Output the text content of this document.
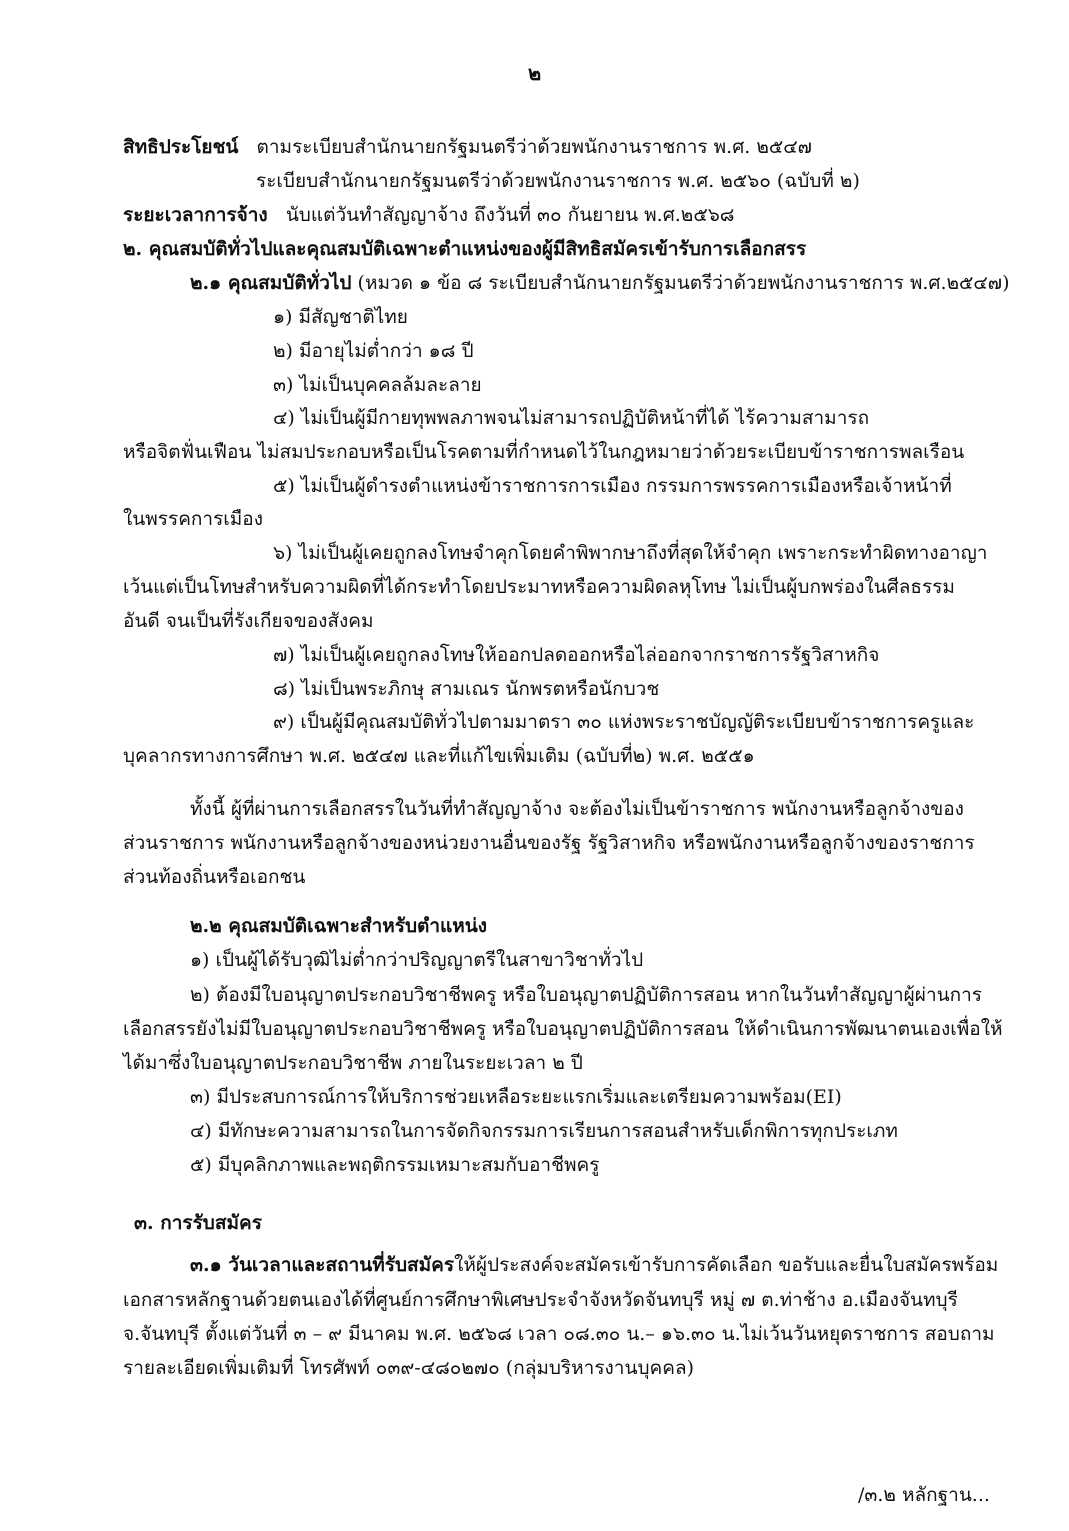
๒
สิทธิประโยชน์ ตามระเบียบสำนักนายกรัฐมนตรีว่าด้วยพนักงานราชการ พ.ศ. ๒๕๔๗
ระเบียบสำนักนายกรัฐมนตรีว่าด้วยพนักงานราชการ พ.ศ. ๒๕๖๐ (ฉบับที่ ๒)
ระยะเวลาการจ้าง นับแต่วันทำสัญญาจ้าง ถึงวันที่ ๓๐ กันยายน พ.ศ.๒๕๖๘
๒. คุณสมบัติทั่วไปและคุณสมบัติเฉพาะตำแหน่งของผู้มีสิทธิสมัครเข้ารับการเลือกสรร
๒.๑ คุณสมบัติทั่วไป (หมวด ๑ ข้อ ๘ ระเบียบสำนักนายกรัฐมนตรีว่าด้วยพนักงานราชการ พ.ศ.๒๕๔๗)
๑) มีสัญชาติไทย
๒) มีอายุไม่ต่ำกว่า ๑๘ ปี
๓) ไม่เป็นบุคคลล้มละลาย
๔) ไม่เป็นผู้มีกายทุพพลภาพจนไม่สามารถปฏิบัติหน้าที่ได้ ไร้ความสามารถ
หรือจิตฟั่นเฟือน ไม่สมประกอบหรือเป็นโรคตามที่กำหนดไว้ในกฎหมายว่าด้วยระเบียบข้าราชการพลเรือน
๕) ไม่เป็นผู้ดำรงตำแหน่งข้าราชการการเมือง กรรมการพรรคการเมืองหรือเจ้าหน้าที่
ในพรรคการเมือง
๖) ไม่เป็นผู้เคยถูกลงโทษจำคุกโดยคำพิพากษาถึงที่สุดให้จำคุก เพราะกระทำผิดทางอาญา
เว้นแต่เป็นโทษสำหรับความผิดที่ได้กระทำโดยประมาทหรือความผิดลหุโทษ ไม่เป็นผู้บกพร่องในศีลธรรม
อันดี จนเป็นที่รังเกียจของสังคม
๗) ไม่เป็นผู้เคยถูกลงโทษให้ออกปลดออกหรือไล่ออกจากราชการรัฐวิสาหกิจ
๘) ไม่เป็นพระภิกษุ สามเณร นักพรตหรือนักบวช
๙) เป็นผู้มีคุณสมบัติทั่วไปตามมาตรา ๓๐ แห่งพระราชบัญญัติระเบียบข้าราชการครูและ
บุคลากรทางการศึกษา พ.ศ. ๒๕๔๗ และที่แก้ไขเพิ่มเติม (ฉบับที่๒) พ.ศ. ๒๕๕๑
ทั้งนี้ ผู้ที่ผ่านการเลือกสรรในวันที่ทำสัญญาจ้าง จะต้องไม่เป็นข้าราชการ พนักงานหรือลูกจ้างของ
ส่วนราชการ พนักงานหรือลูกจ้างของหน่วยงานอื่นของรัฐ รัฐวิสาหกิจ หรือพนักงานหรือลูกจ้างของราชการ
ส่วนท้องถิ่นหรือเอกชน
๒.๒ คุณสมบัติเฉพาะสำหรับตำแหน่ง
๑) เป็นผู้ได้รับวุฒิไม่ต่ำกว่าปริญญาตรีในสาขาวิชาทั่วไป
๒) ต้องมีใบอนุญาตประกอบวิชาชีพครู หรือใบอนุญาตปฏิบัติการสอน หากในวันทำสัญญาผู้ผ่านการ
เลือกสรรยังไม่มีใบอนุญาตประกอบวิชาชีพครู หรือใบอนุญาตปฏิบัติการสอน ให้ดำเนินการพัฒนาตนเองเพื่อให้
ได้มาซึ่งใบอนุญาตประกอบวิชาชีพ ภายในระยะเวลา ๒ ปี
๓) มีประสบการณ์การให้บริการช่วยเหลือระยะแรกเริ่มและเตรียมความพร้อม(EI)
๔) มีทักษะความสามารถในการจัดกิจกรรมการเรียนการสอนสำหรับเด็กพิการทุกประเภท
๕) มีบุคลิกภาพและพฤติกรรมเหมาะสมกับอาชีพครู
๓. การรับสมัคร
๓.๑ วันเวลาและสถานที่รับสมัครให้ผู้ประสงค์จะสมัครเข้ารับการคัดเลือก ขอรับและยื่นใบสมัครพร้อม
เอกสารหลักฐานด้วยตนเองได้ที่ศูนย์การศึกษาพิเศษประจำจังหวัดจันทบุรี หมู่ ๗ ต.ท่าช้าง อ.เมืองจันทบุรี
จ.จันทบุรี ตั้งแต่วันที่ ๓ – ๙ มีนาคม พ.ศ. ๒๕๖๘ เวลา ๐๘.๓๐ น.– ๑๖.๓๐ น.ไม่เว้นวันหยุดราชการ สอบถาม
รายละเอียดเพิ่มเติมที่ โทรศัพท์ ๐๓๙-๔๘๐๒๗๐ (กลุ่มบริหารงานบุคคล)
/๓.๒ หลักฐาน...
